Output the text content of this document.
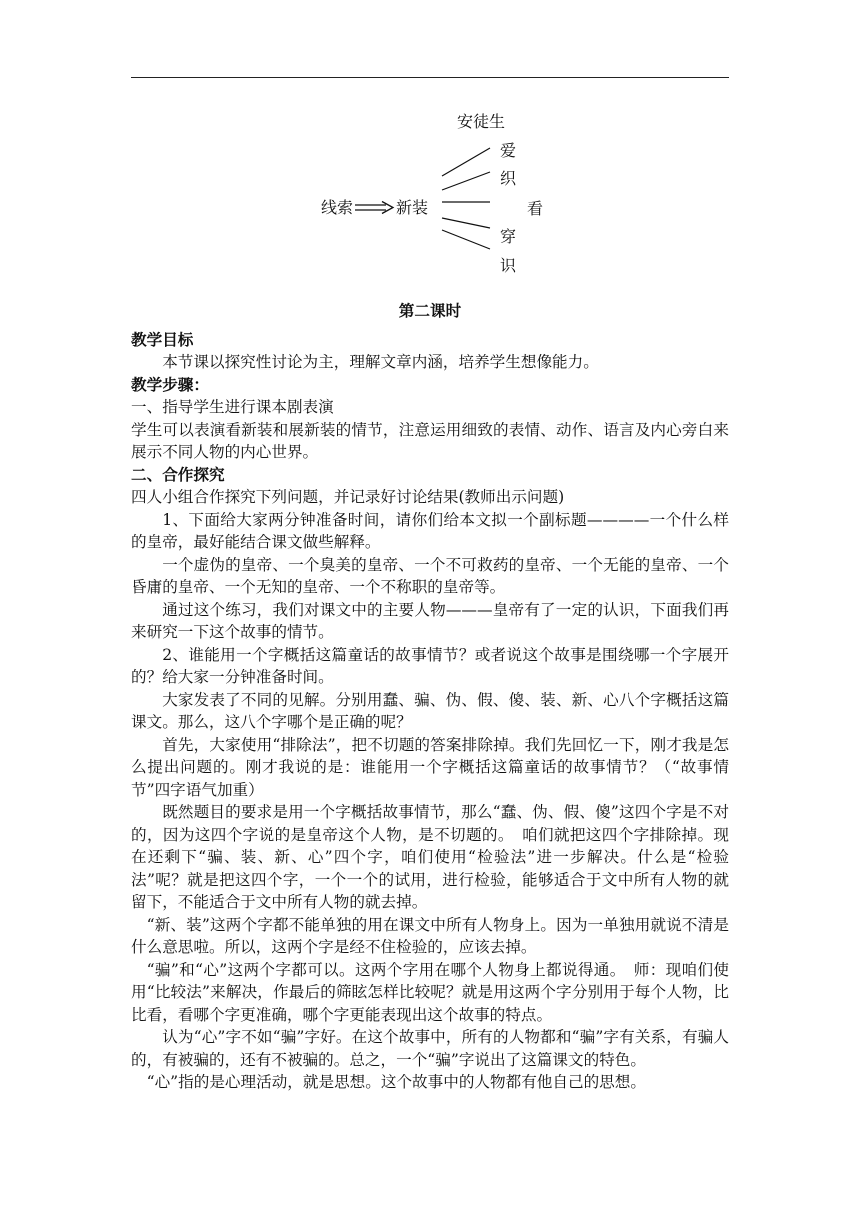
安徒生
线索	新装
爱
织
看
穿
识

第二课时

教学目标

本节课以探究性讨论为主，理解文章内涵，培养学生想像能力。

教学步骤：

一、指导学生进行课本剧表演

学生可以表演看新装和展新装的情节，注意运用细致的表情、动作、语言及内心旁白来展示不同人物的内心世界。

二、合作探究

四人小组合作探究下列问题，并记录好讨论结果(教师出示问题)

1、下面给大家两分钟准备时间，请你们给本文拟一个副标题————一个什么样的皇帝，最好能结合课文做些解释。

一个虚伪的皇帝、一个臭美的皇帝、一个不可救药的皇帝、一个无能的皇帝、一个昏庸的皇帝、一个无知的皇帝、一个不称职的皇帝等。

通过这个练习，我们对课文中的主要人物———皇帝有了一定的认识，下面我们再来研究一下这个故事的情节。

2、谁能用一个字概括这篇童话的故事情节？或者说这个故事是围绕哪一个字展开的？给大家一分钟准备时间。

大家发表了不同的见解。分别用蠢、骗、伪、假、傻、装、新、心八个字概括这篇课文。那么，这八个字哪个是正确的呢？

首先，大家使用“排除法”，把不切题的答案排除掉。我们先回忆一下，刚才我是怎么提出问题的。刚才我说的是：谁能用一个字概括这篇童话的故事情节？（“故事情节”四字语气加重）

既然题目的要求是用一个字概括故事情节，那么“蠢、伪、假、傻”这四个字是不对的，因为这四个字说的是皇帝这个人物，是不切题的。　咱们就把这四个字排除掉。现在还剩下“骗、装、新、心”四个字，咱们使用“检验法”进一步解决。什么是“检验法”呢？就是把这四个字，一个一个的试用，进行检验，能够适合于文中所有人物的就留下，不能适合于文中所有人物的就去掉。

“新、装”这两个字都不能单独的用在课文中所有人物身上。因为一单独用就说不清是什么意思啦。所以，这两个字是经不住检验的，应该去掉。

“骗”和“心”这两个字都可以。这两个字用在哪个人物身上都说得通。　师：现咱们使用“比较法”来解决，作最后的筛眩怎样比较呢？就是用这两个字分别用于每个人物，比比看，看哪个字更准确，哪个字更能表现出这个故事的特点。

认为“心”字不如“骗”字好。在这个故事中，所有的人物都和“骗”字有关系，有骗人的，有被骗的，还有不被骗的。总之，一个“骗”字说出了这篇课文的特色。

“心”指的是心理活动，就是思想。这个故事中的人物都有他自己的思想。
